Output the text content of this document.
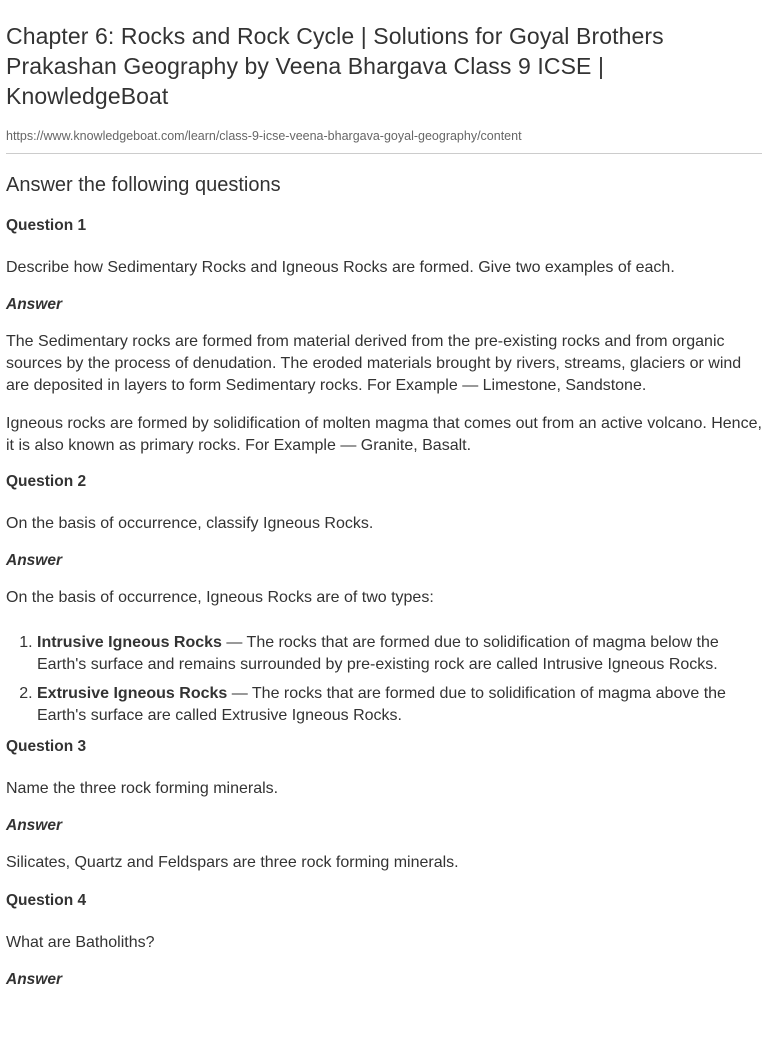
Chapter 6: Rocks and Rock Cycle | Solutions for Goyal Brothers Prakashan Geography by Veena Bhargava Class 9 ICSE | KnowledgeBoat
https://www.knowledgeboat.com/learn/class-9-icse-veena-bhargava-goyal-geography/content
Answer the following questions
Question 1

Describe how Sedimentary Rocks and Igneous Rocks are formed. Give two examples of each.

Answer

The Sedimentary rocks are formed from material derived from the pre-existing rocks and from organic sources by the process of denudation. The eroded materials brought by rivers, streams, glaciers or wind are deposited in layers to form Sedimentary rocks. For Example — Limestone, Sandstone.

Igneous rocks are formed by solidification of molten magma that comes out from an active volcano. Hence, it is also known as primary rocks. For Example — Granite, Basalt.

Question 2

On the basis of occurrence, classify Igneous Rocks.

Answer

On the basis of occurrence, Igneous Rocks are of two types:

1. Intrusive Igneous Rocks — The rocks that are formed due to solidification of magma below the Earth's surface and remains surrounded by pre-existing rock are called Intrusive Igneous Rocks.
2. Extrusive Igneous Rocks — The rocks that are formed due to solidification of magma above the Earth's surface are called Extrusive Igneous Rocks.
Question 3

Name the three rock forming minerals.

Answer

Silicates, Quartz and Feldspars are three rock forming minerals.

Question 4

What are Batholiths?

Answer
